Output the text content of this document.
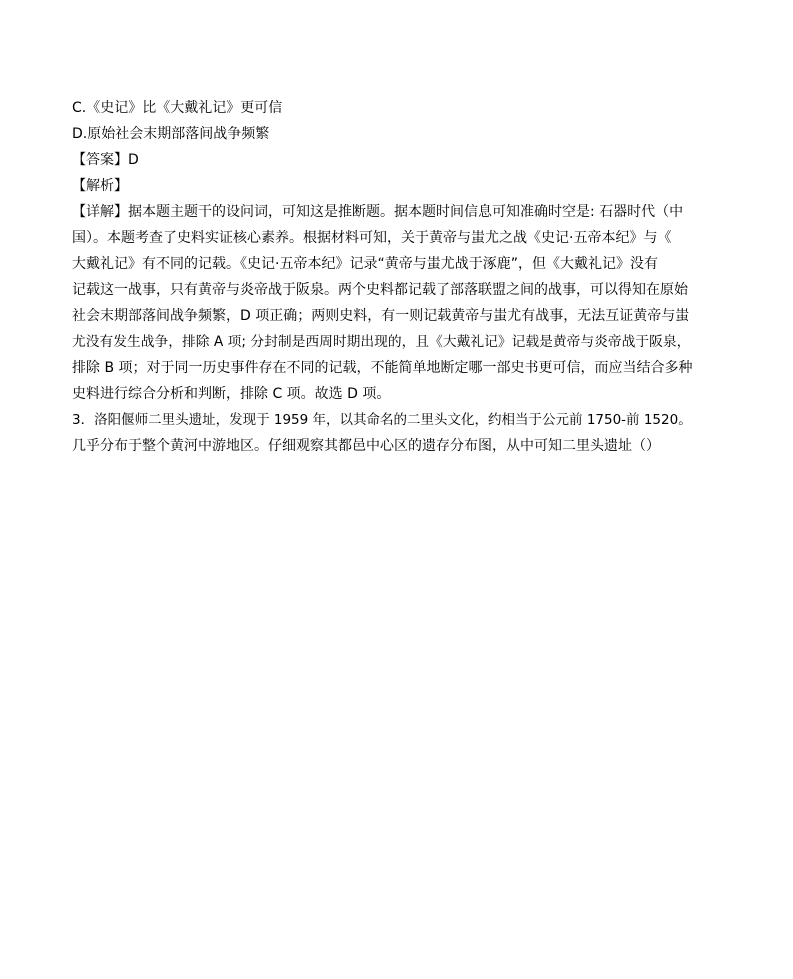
C.《史记》比《大戴礼记》更可信
D.原始社会末期部落间战争频繁
【答案】D
【解析】
【详解】据本题主题干的设问词，可知这是推断题。据本题时间信息可知准确时空是: 石器时代（中
国）。本题考查了史料实证核心素养。根据材料可知，关于黄帝与蚩尤之战《史记·五帝本纪》与《
大戴礼记》有不同的记载。《史记·五帝本纪》记录“黄帝与蚩尤战于涿鹿”，但《大戴礼记》没有
记载这一战事，只有黄帝与炎帝战于阪泉。两个史料都记载了部落联盟之间的战事，可以得知在原始
社会末期部落间战争频繁，D 项正确；两则史料，有一则记载黄帝与蚩尤有战事，无法互证黄帝与蚩
尤没有发生战争，排除 A 项; 分封制是西周时期出现的，且《大戴礼记》记载是黄帝与炎帝战于阪泉，
排除 B 项；对于同一历史事件存在不同的记载，不能简单地断定哪一部史书更可信，而应当结合多种
史料进行综合分析和判断，排除 C 项。故选 D 项。
3．洛阳偃师二里头遗址，发现于 1959 年，以其命名的二里头文化，约相当于公元前 1750-前 1520。
几乎分布于整个黄河中游地区。仔细观察其都邑中心区的遗存分布图，从中可知二里头遗址（）
